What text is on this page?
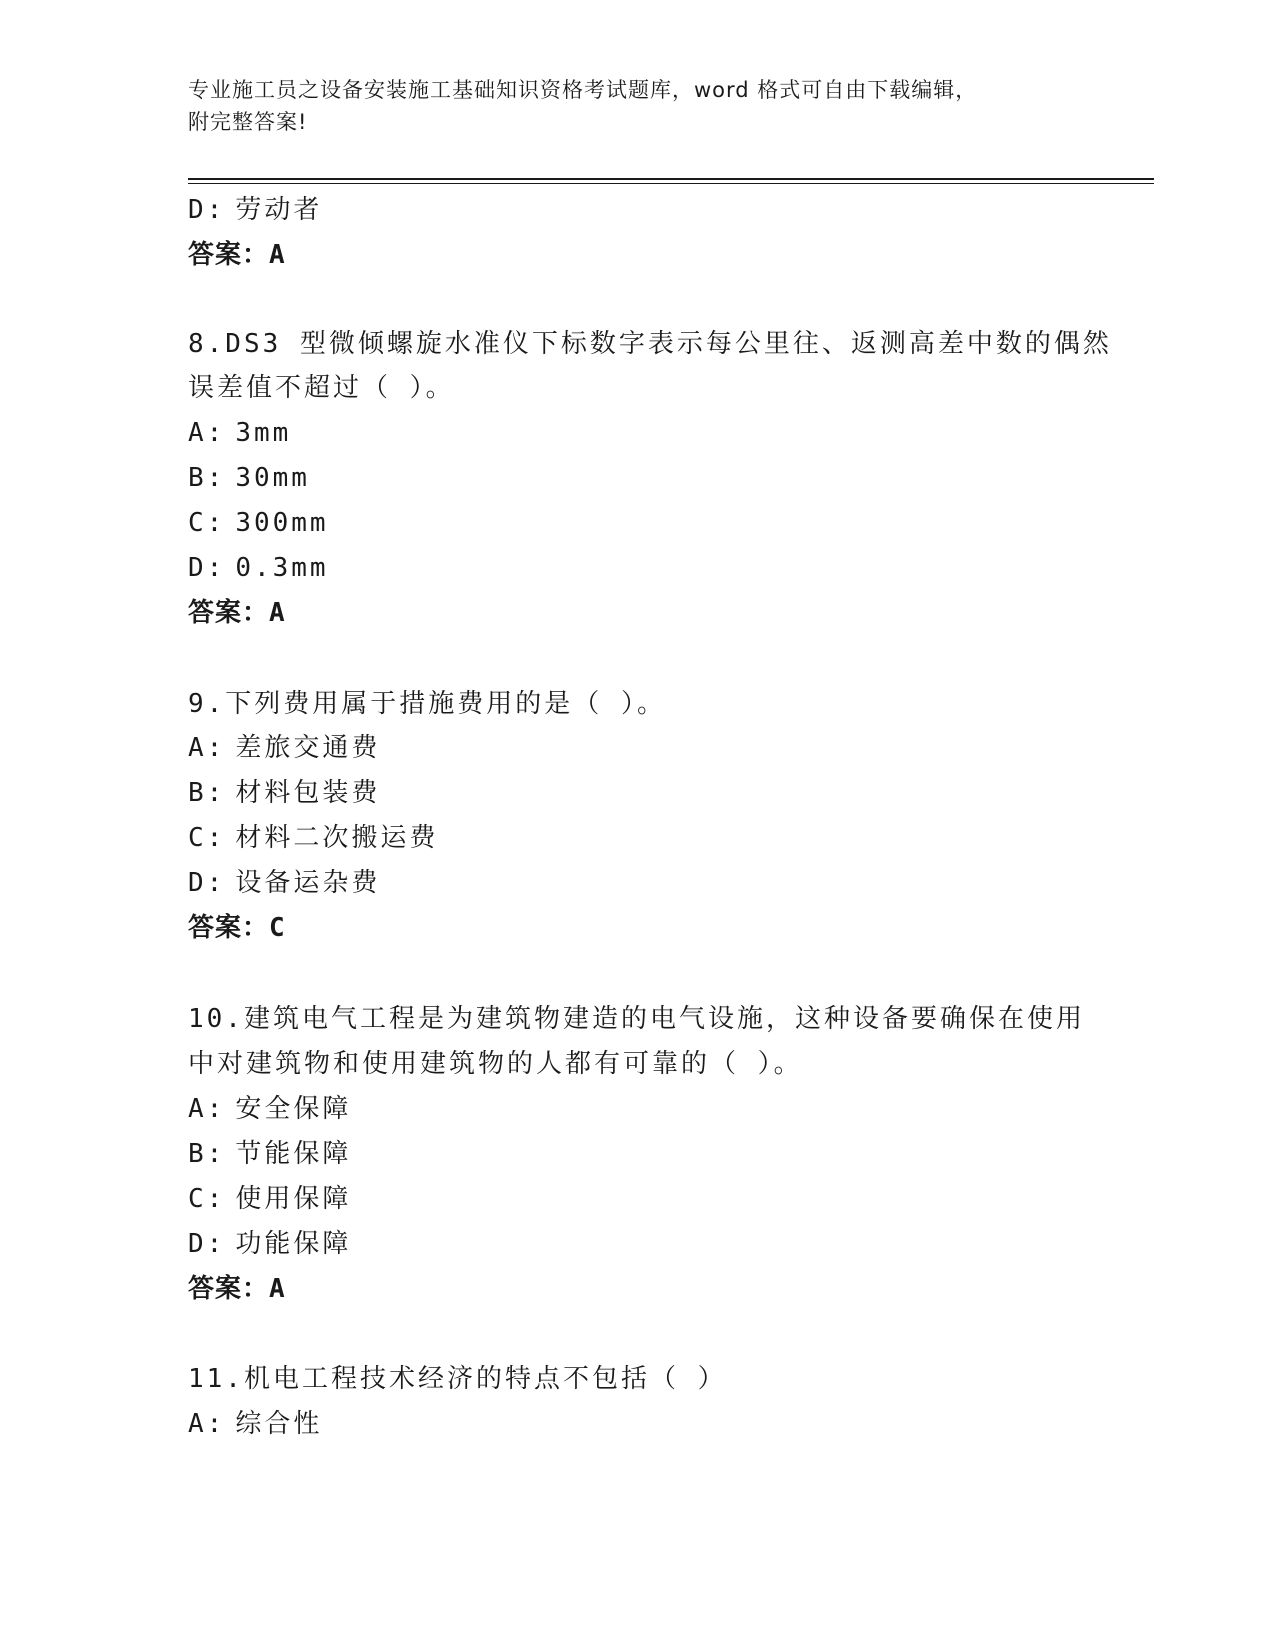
专业施工员之设备安装施工基础知识资格考试题库，word 格式可自由下载编辑，
附完整答案!
D: 劳动者
答案：A
8.DS3 型微倾螺旋水准仪下标数字表示每公里往、返测高差中数的偶然
误差值不超过（ ）。
A: 3mm
B: 30mm
C: 300mm
D: 0.3mm
答案：A
9.下列费用属于措施费用的是（ ）。
A: 差旅交通费
B: 材料包装费
C: 材料二次搬运费
D: 设备运杂费
答案：C
10.建筑电气工程是为建筑物建造的电气设施，这种设备要确保在使用
中对建筑物和使用建筑物的人都有可靠的（ ）。
A: 安全保障
B: 节能保障
C: 使用保障
D: 功能保障
答案：A
11.机电工程技术经济的特点不包括（ ）
A: 综合性
